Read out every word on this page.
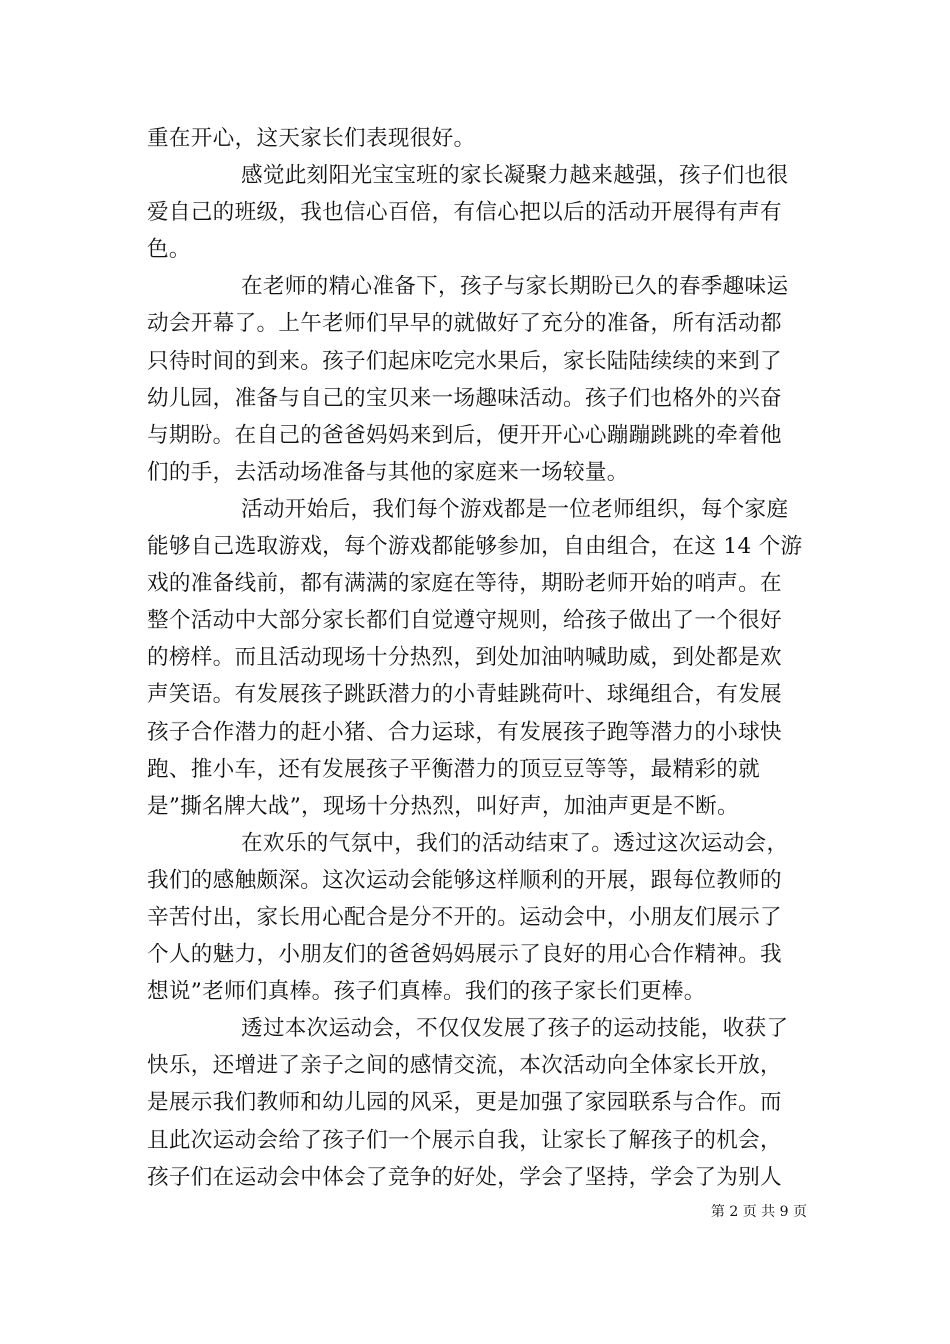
重在开心，这天家长们表现很好。
感觉此刻阳光宝宝班的家长凝聚力越来越强，孩子们也很
爱自己的班级，我也信心百倍，有信心把以后的活动开展得有声有
色。
在老师的精心准备下，孩子与家长期盼已久的春季趣味运
动会开幕了。上午老师们早早的就做好了充分的准备，所有活动都
只待时间的到来。孩子们起床吃完水果后，家长陆陆续续的来到了
幼儿园，准备与自己的宝贝来一场趣味活动。孩子们也格外的兴奋
与期盼。在自己的爸爸妈妈来到后，便开开心心蹦蹦跳跳的牵着他
们的手，去活动场准备与其他的家庭来一场较量。
活动开始后，我们每个游戏都是一位老师组织，每个家庭
能够自己选取游戏，每个游戏都能够参加，自由组合，在这 14 个游
戏的准备线前，都有满满的家庭在等待，期盼老师开始的哨声。在
整个活动中大部分家长都们自觉遵守规则，给孩子做出了一个很好
的榜样。而且活动现场十分热烈，到处加油呐喊助威，到处都是欢
声笑语。有发展孩子跳跃潜力的小青蛙跳荷叶、球绳组合，有发展
孩子合作潜力的赶小猪、合力运球，有发展孩子跑等潜力的小球快
跑、推小车，还有发展孩子平衡潜力的顶豆豆等等，最精彩的就
是”撕名牌大战”，现场十分热烈，叫好声，加油声更是不断。
在欢乐的气氛中，我们的活动结束了。透过这次运动会，
我们的感触颇深。这次运动会能够这样顺利的开展，跟每位教师的
辛苦付出，家长用心配合是分不开的。运动会中，小朋友们展示了
个人的魅力，小朋友们的爸爸妈妈展示了良好的用心合作精神。我
想说”老师们真棒。孩子们真棒。我们的孩子家长们更棒。
透过本次运动会，不仅仅发展了孩子的运动技能，收获了
快乐，还增进了亲子之间的感情交流，本次活动向全体家长开放，
是展示我们教师和幼儿园的风采，更是加强了家园联系与合作。而
且此次运动会给了孩子们一个展示自我，让家长了解孩子的机会，
孩子们在运动会中体会了竞争的好处，学会了坚持，学会了为别人
第 2 页 共 9 页
